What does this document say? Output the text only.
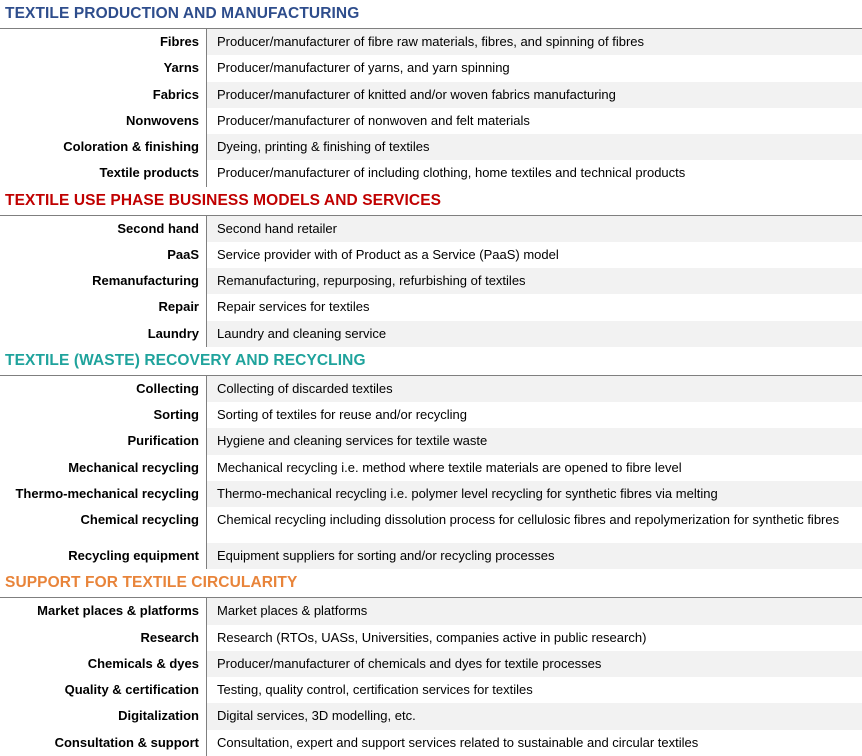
TEXTILE PRODUCTION AND MANUFACTURING
Fibres	Producer/manufacturer of fibre raw materials, fibres, and spinning of fibres
Yarns	Producer/manufacturer of yarns, and yarn spinning
Fabrics	Producer/manufacturer of knitted and/or woven fabrics manufacturing
Nonwovens	Producer/manufacturer of nonwoven and felt materials
Coloration & finishing	Dyeing, printing & finishing of textiles
Textile products	Producer/manufacturer of including clothing, home textiles and technical products
TEXTILE USE PHASE BUSINESS MODELS AND SERVICES
Second hand	Second hand retailer
PaaS	Service provider with of Product as a Service (PaaS) model
Remanufacturing	Remanufacturing, repurposing, refurbishing of textiles
Repair	Repair services for textiles
Laundry	Laundry and cleaning service
TEXTILE (WASTE) RECOVERY AND RECYCLING
Collecting	Collecting of discarded textiles
Sorting	Sorting of textiles for reuse and/or recycling
Purification	Hygiene and cleaning services for textile waste
Mechanical recycling	Mechanical recycling i.e. method where textile materials are opened to fibre level
Thermo-mechanical recycling	Thermo-mechanical recycling i.e. polymer level recycling for synthetic fibres via melting
Chemical recycling	Chemical recycling including dissolution process for cellulosic fibres and repolymerization for synthetic fibres
Recycling equipment	Equipment suppliers for sorting and/or recycling processes
SUPPORT FOR TEXTILE CIRCULARITY
Market places & platforms	Market places & platforms
Research	Research (RTOs, UASs, Universities, companies active in public research)
Chemicals & dyes	Producer/manufacturer of chemicals and dyes for textile processes
Quality & certification	Testing, quality control, certification services for textiles
Digitalization	Digital services, 3D modelling, etc.
Consultation & support	Consultation, expert and support services related to sustainable and circular textiles
